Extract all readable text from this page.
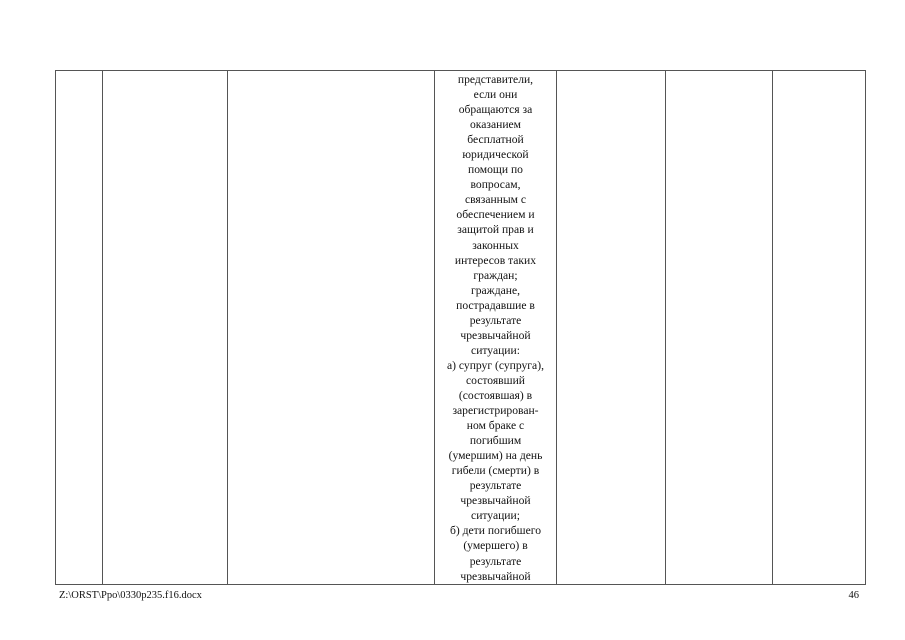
представители,
если они
обращаются за
оказанием
бесплатной
юридической
помощи по
вопросам,
связанным с
обеспечением и
защитой прав и
законных
интересов таких
граждан;
граждане,
пострадавшие в
результате
чрезвычайной
ситуации:
а) супруг (супруга),
состоявший
(состоявшая) в
зарегистрирован-
ном браке с
погибшим
(умершим) на день
гибели (смерти) в
результате
чрезвычайной
ситуации;
б) дети погибшего
(умершего) в
результате
чрезвычайной

Z:\ORST\Ppo\0330p235.f16.docx	46
